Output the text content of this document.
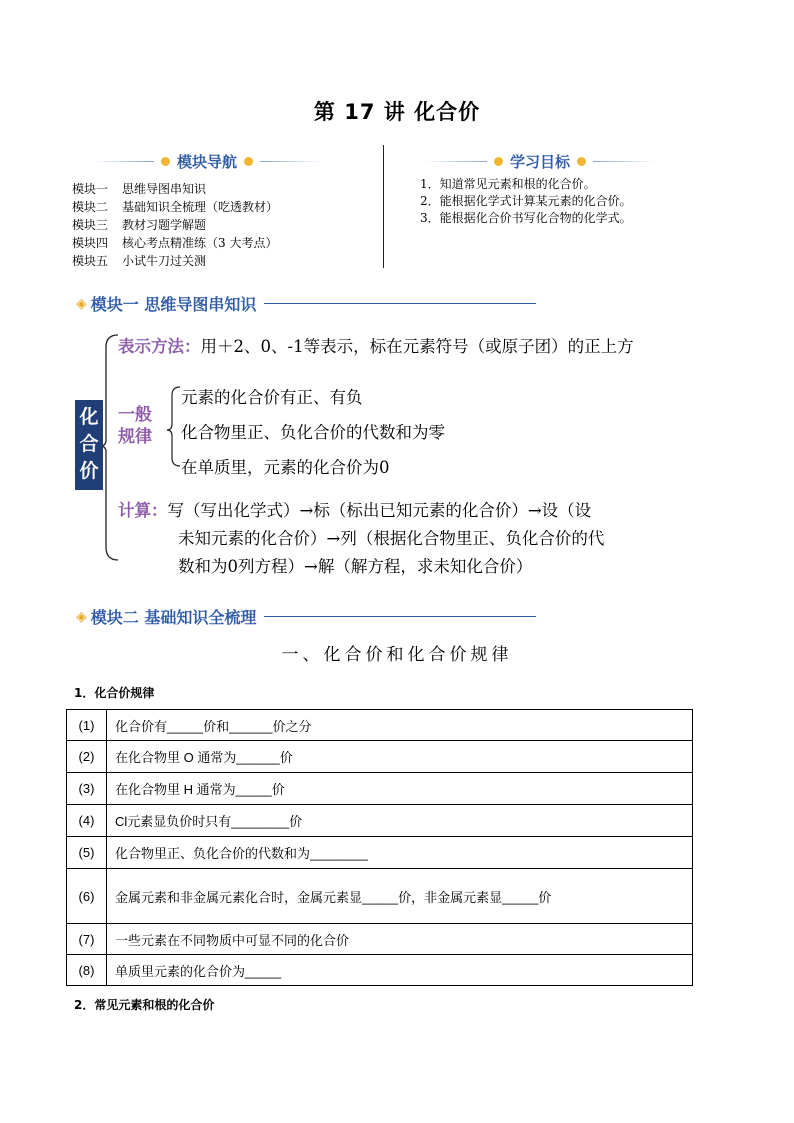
第 17 讲 化合价
模块导航
模块一	思维导图串知识
模块二	基础知识全梳理（吃透教材）
模块三	教材习题学解题
模块四	核心考点精准练（3 大考点）
模块五	小试牛刀过关测
学习目标
1．知道常见元素和根的化合价。
2．能根据化学式计算某元素的化合价。
3．能根据化合价书写化合物的化学式。
◈ 模块一 思维导图串知识
化
合
价
表示方法：用＋2、0、-1等表示，标在元素符号（或原子团）的正上方
一般
规律
元素的化合价有正、有负
化合物里正、负化合价的代数和为零
在单质里，元素的化合价为0
计算：写（写出化学式）→标（标出已知元素的化合价）→设（设
未知元素的化合价）→列（根据化合物里正、负化合价的代
数和为0列方程）→解（解方程，求未知化合价）
◈ 模块二 基础知识全梳理
一、化合价和化合价规律
1．化合价规律
(1)	化合价有_____价和______价之分
(2)	在化合物里 O 通常为______价
(3)	在化合物里 H 通常为_____价
(4)	Cl元素显负价时只有________价
(5)	化合物里正、负化合价的代数和为________
(6)	金属元素和非金属元素化合时，金属元素显_____价，非金属元素显_____价
(7)	一些元素在不同物质中可显不同的化合价
(8)	单质里元素的化合价为_____
2．常见元素和根的化合价
